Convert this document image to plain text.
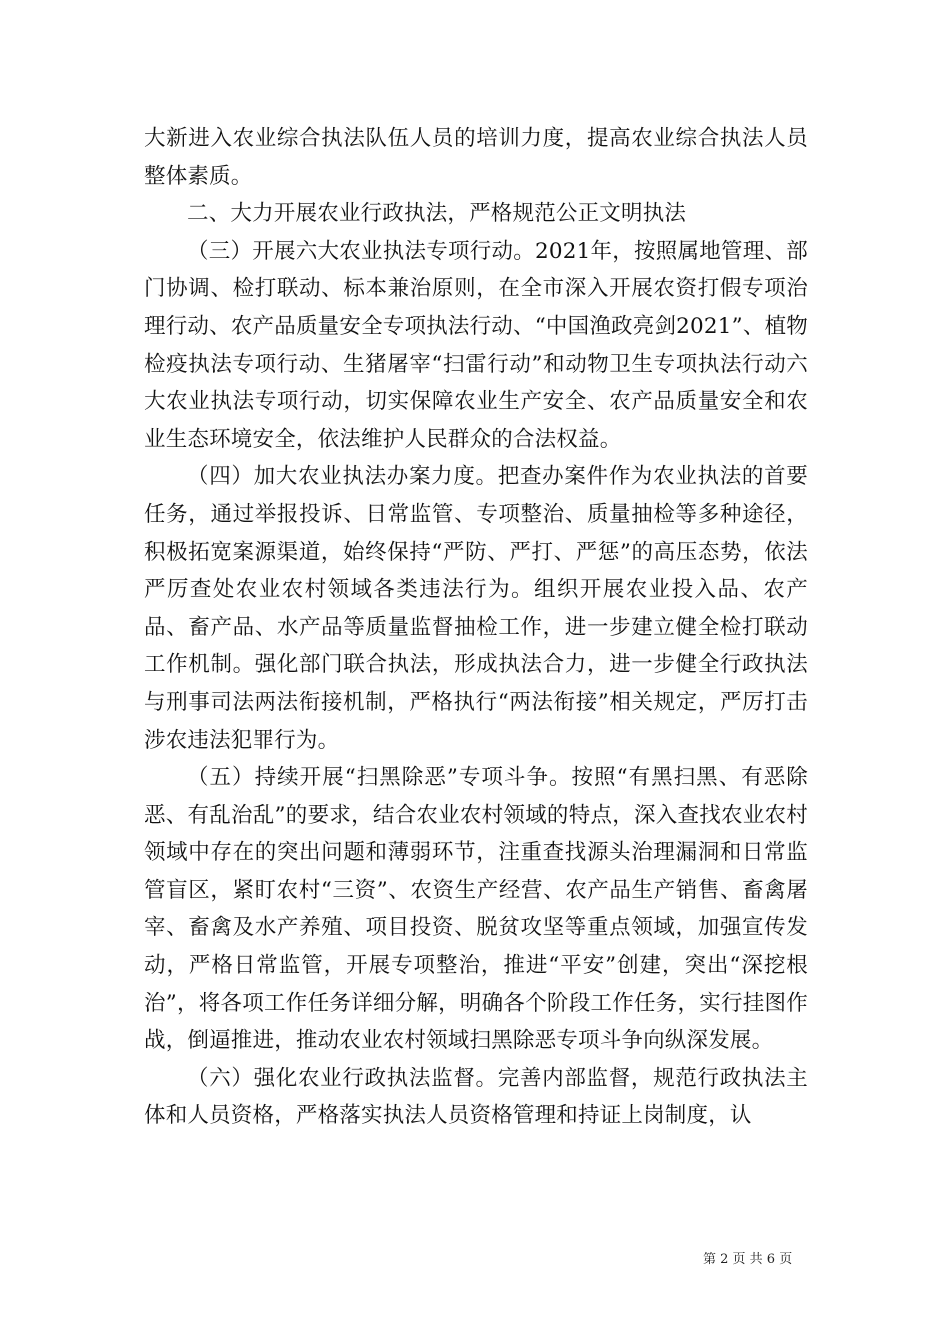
大新进入农业综合执法队伍人员的培训力度，提高农业综合执法人员整体素质。

二、大力开展农业行政执法，严格规范公正文明执法

（三）开展六大农业执法专项行动。2021年，按照属地管理、部门协调、检打联动、标本兼治原则，在全市深入开展农资打假专项治理行动、农产品质量安全专项执法行动、“中国渔政亮剑2021”、植物检疫执法专项行动、生猪屠宰“扫雷行动”和动物卫生专项执法行动六大农业执法专项行动，切实保障农业生产安全、农产品质量安全和农业生态环境安全，依法维护人民群众的合法权益。

（四）加大农业执法办案力度。把查办案件作为农业执法的首要任务，通过举报投诉、日常监管、专项整治、质量抽检等多种途径，积极拓宽案源渠道，始终保持“严防、严打、严惩”的高压态势，依法严厉查处农业农村领域各类违法行为。组织开展农业投入品、农产品、畜产品、水产品等质量监督抽检工作，进一步建立健全检打联动工作机制。强化部门联合执法，形成执法合力，进一步健全行政执法与刑事司法两法衔接机制，严格执行“两法衔接”相关规定，严厉打击涉农违法犯罪行为。

（五）持续开展“扫黑除恶”专项斗争。按照“有黑扫黑、有恶除恶、有乱治乱”的要求，结合农业农村领域的特点，深入查找农业农村领域中存在的突出问题和薄弱环节，注重查找源头治理漏洞和日常监管盲区，紧盯农村“三资”、农资生产经营、农产品生产销售、畜禽屠宰、畜禽及水产养殖、项目投资、脱贫攻坚等重点领域，加强宣传发动，严格日常监管，开展专项整治，推进“平安”创建，突出“深挖根治”，将各项工作任务详细分解，明确各个阶段工作任务，实行挂图作战，倒逼推进，推动农业农村领域扫黑除恶专项斗争向纵深发展。

（六）强化农业行政执法监督。完善内部监督，规范行政执法主体和人员资格，严格落实执法人员资格管理和持证上岗制度，认

第 2 页 共 6 页
